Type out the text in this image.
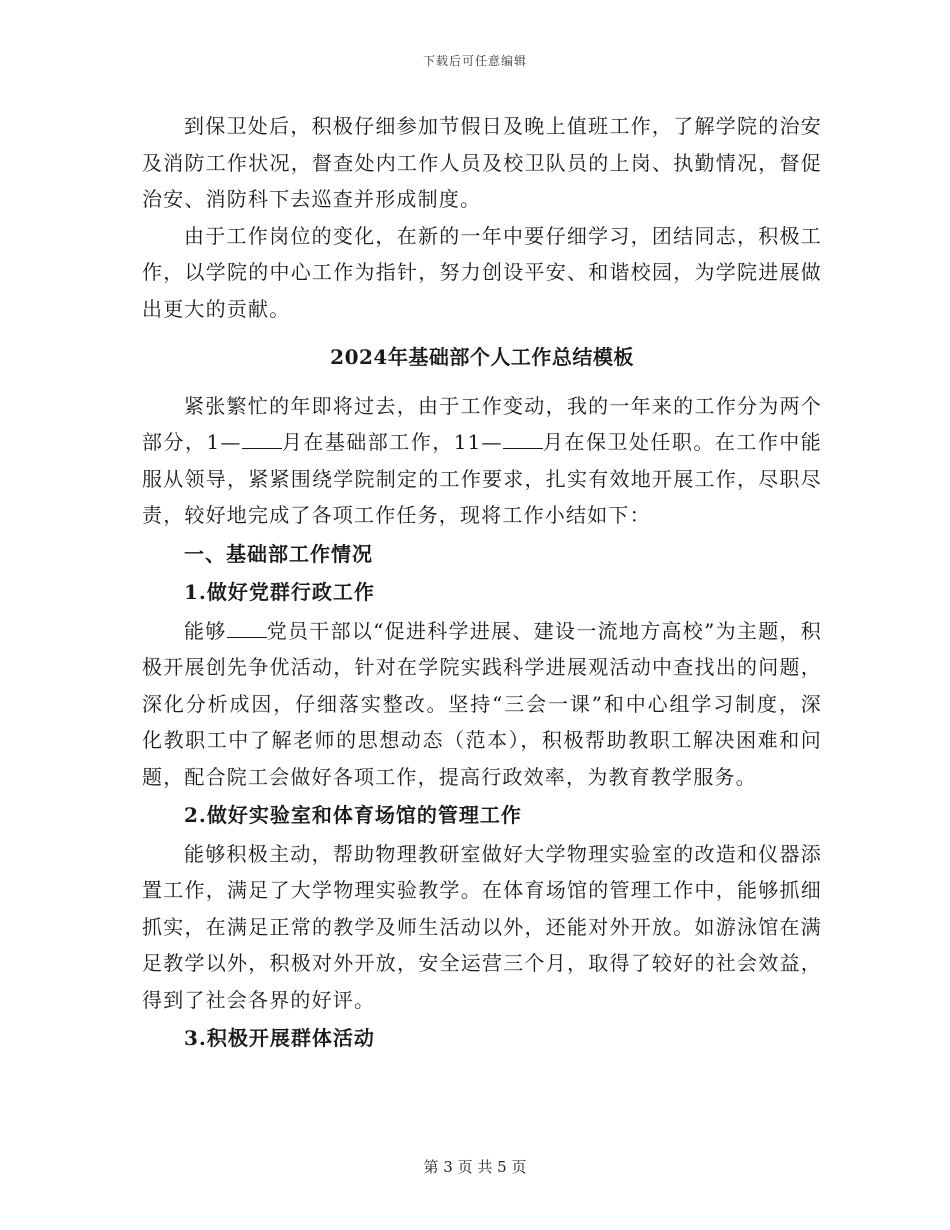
下载后可任意编辑

到保卫处后，积极仔细参加节假日及晚上值班工作，了解学院的治安及消防工作状况，督查处内工作人员及校卫队员的上岗、执勤情况，督促治安、消防科下去巡查并形成制度。

由于工作岗位的变化，在新的一年中要仔细学习，团结同志，积极工作，以学院的中心工作为指针，努力创设平安、和谐校园，为学院进展做出更大的贡献。

2024年基础部个人工作总结模板

紧张繁忙的年即将过去，由于工作变动，我的一年来的工作分为两个部分，1— 月在基础部工作，11— 月在保卫处任职。在工作中能服从领导，紧紧围绕学院制定的工作要求，扎实有效地开展工作，尽职尽责，较好地完成了各项工作任务，现将工作小结如下：

一、基础部工作情况
1.做好党群行政工作

能够 党员干部以“促进科学进展、建设一流地方高校”为主题，积极开展创先争优活动，针对在学院实践科学进展观活动中查找出的问题，深化分析成因，仔细落实整改。坚持“三会一课”和中心组学习制度，深化教职工中了解老师的思想动态（范本），积极帮助教职工解决困难和问题，配合院工会做好各项工作，提高行政效率，为教育教学服务。

2.做好实验室和体育场馆的管理工作

能够积极主动，帮助物理教研室做好大学物理实验室的改造和仪器添置工作，满足了大学物理实验教学。在体育场馆的管理工作中，能够抓细抓实，在满足正常的教学及师生活动以外，还能对外开放。如游泳馆在满足教学以外，积极对外开放，安全运营三个月，取得了较好的社会效益，得到了社会各界的好评。

3.积极开展群体活动
第 3 页 共 5 页
